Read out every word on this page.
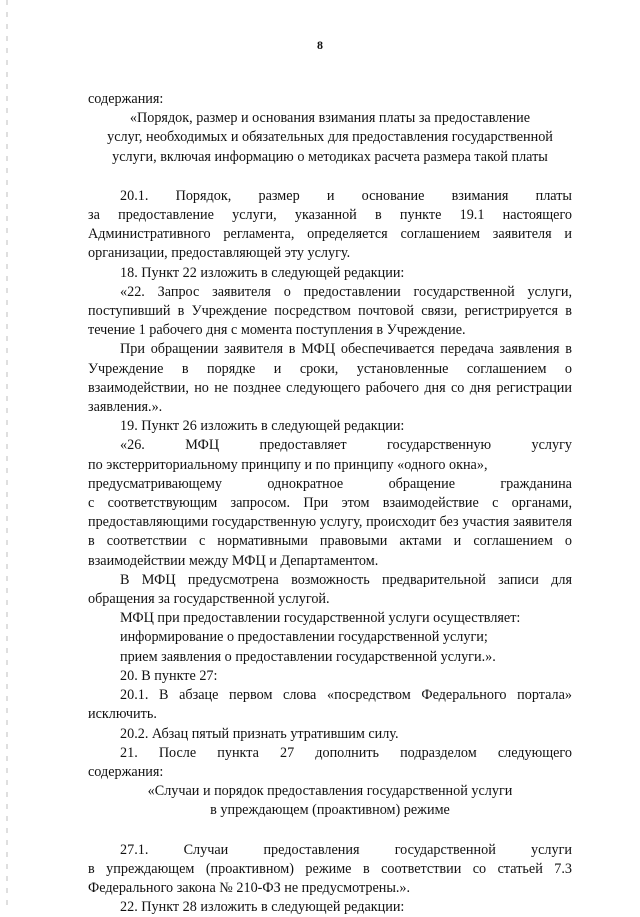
8

содержания:

«Порядок, размер и основания взимания платы за предоставление

услуг, необходимых и обязательных для предоставления государственной

услуги, включая информацию о методиках расчета размера такой платы

20.1. Порядок, размер и основание взимания платы

за предоставление услуги, указанной в пункте 19.1 настоящего Административного регламента, определяется соглашением заявителя и организации, предоставляющей эту услугу.

18. Пункт 22 изложить в следующей редакции:

«22. Запрос заявителя о предоставлении государственной услуги, поступивший в Учреждение посредством почтовой связи, регистрируется в течение 1 рабочего дня с момента поступления в Учреждение.

При обращении заявителя в МФЦ обеспечивается передача заявления в Учреждение в порядке и сроки, установленные соглашением о взаимодействии, но не позднее следующего рабочего дня со дня регистрации заявления.».

19. Пункт 26 изложить в следующей редакции:

«26.	МФЦ	предоставляет	государственную	услугу

по экстерриториальному принципу и по принципу «одного окна»,

предусматривающему	однократное	обращение	гражданина

с соответствующим запросом. При этом взаимодействие с органами, предоставляющими государственную услугу, происходит без участия заявителя в соответствии с нормативными правовыми актами и соглашением о взаимодействии между МФЦ и Департаментом.

В МФЦ предусмотрена возможность предварительной записи для обращения за государственной услугой.

МФЦ при предоставлении государственной услуги осуществляет:

информирование о предоставлении государственной услуги;

прием заявления о предоставлении государственной услуги.».

20. В пункте 27:

20.1. В абзаце первом слова «посредством Федерального портала» исключить.

20.2. Абзац пятый признать утратившим силу.

21. После пункта 27 дополнить подразделом следующего

содержания:

«Случаи и порядок предоставления государственной услуги

в упреждающем (проактивном) режиме

27.1. Случаи предоставления государственной услуги

в упреждающем (проактивном) режиме в соответствии со статьей 7.3 Федерального закона № 210-ФЗ не предусмотрены.».

22. Пункт 28 изложить в следующей редакции:
